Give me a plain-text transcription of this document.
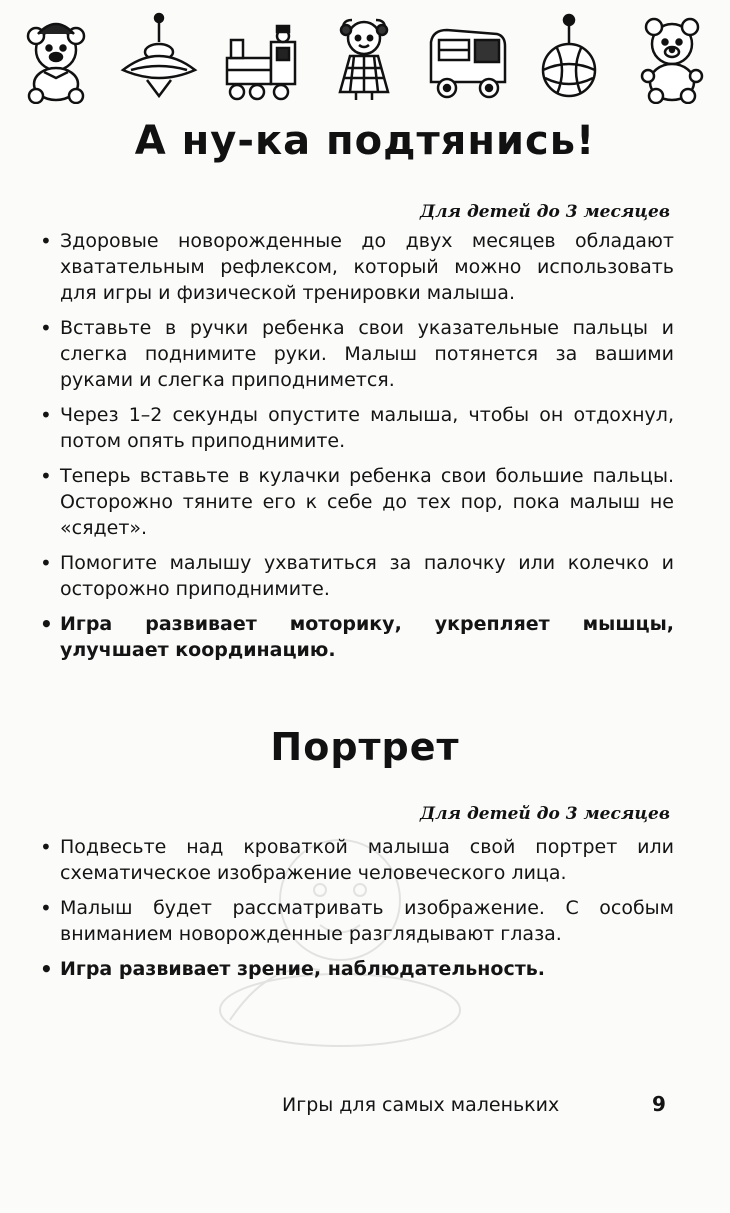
А ну-ка подтянись!
Для детей до 3 месяцев
• Здоровые новорожденные до двух месяцев обладают хватательным рефлексом, который можно использовать для игры и физической тренировки малыша.
• Вставьте в ручки ребенка свои указательные пальцы и слегка поднимите руки. Малыш потянется за вашими руками и слегка приподнимется.
• Через 1–2 секунды опустите малыша, чтобы он отдохнул, потом опять приподнимите.
• Теперь вставьте в кулачки ребенка свои большие пальцы. Осторожно тяните его к себе до тех пор, пока малыш не «сядет».
• Помогите малышу ухватиться за палочку или колечко и осторожно приподнимите.
• Игра развивает моторику, укрепляет мышцы, улучшает координацию.
Портрет
Для детей до 3 месяцев
• Подвесьте над кроваткой малыша свой портрет или схематическое изображение человеческого лица.
• Малыш будет рассматривать изображение. С особым вниманием новорожденные разглядывают глаза.
• Игра развивает зрение, наблюдательность.
Игры для самых маленьких	9
